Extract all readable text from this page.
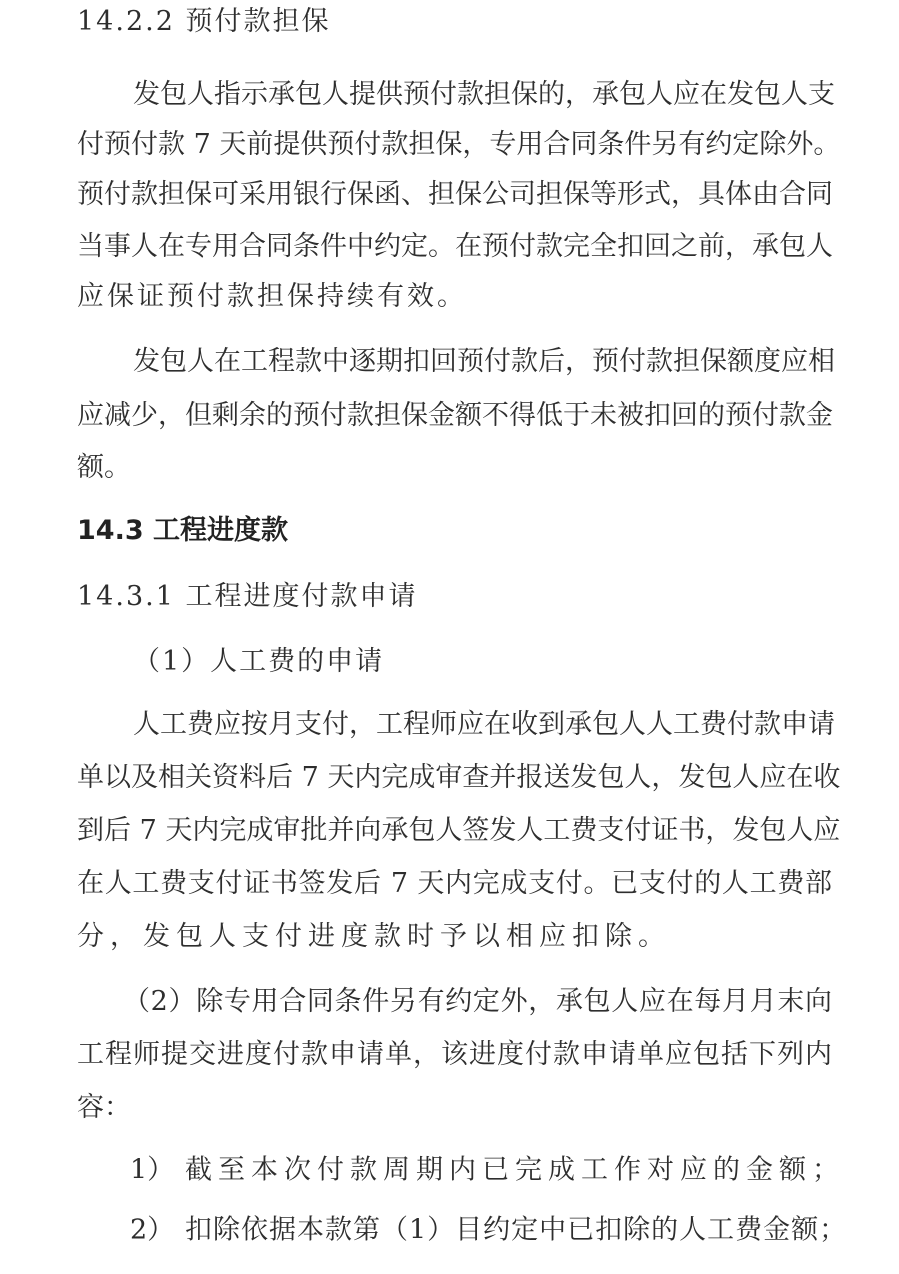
14.2.2 预付款担保
发包人指示承包人提供预付款担保的，承包人应在发包人支
付预付款 7 天前提供预付款担保，专用合同条件另有约定除外。
预付款担保可采用银行保函、担保公司担保等形式，具体由合同
当事人在专用合同条件中约定。在预付款完全扣回之前，承包人
应保证预付款担保持续有效。
发包人在工程款中逐期扣回预付款后，预付款担保额度应相
应减少，但剩余的预付款担保金额不得低于未被扣回的预付款金
额。
14.3 工程进度款
14.3.1 工程进度付款申请
（1）人工费的申请
人工费应按月支付，工程师应在收到承包人人工费付款申请
单以及相关资料后 7 天内完成审查并报送发包人，发包人应在收
到后 7 天内完成审批并向承包人签发人工费支付证书，发包人应
在人工费支付证书签发后 7 天内完成支付。已支付的人工费部
分，发包人支付进度款时予以相应扣除。
（2）除专用合同条件另有约定外，承包人应在每月月末向
工程师提交进度付款申请单，该进度付款申请单应包括下列内
容：
1） 截至本次付款周期内已完成工作对应的金额；
2） 扣除依据本款第（1）目约定中已扣除的人工费金额；
